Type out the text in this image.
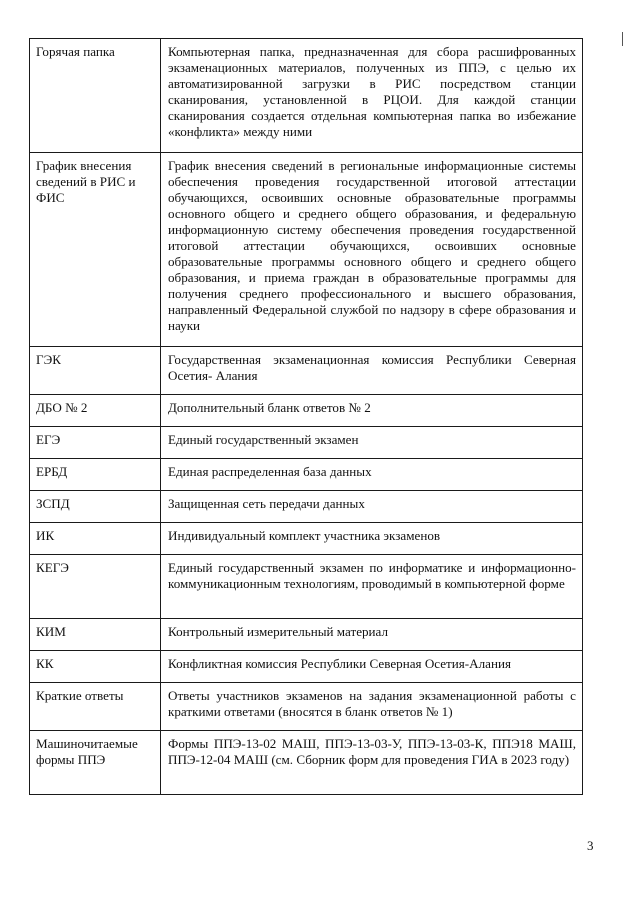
Горячая папка	Компьютерная папка, предназначенная для сбора расшифрованных экзаменационных материалов, полученных из ППЭ, с целью их автоматизированной загрузки в РИС посредством станции сканирования, установленной в РЦОИ. Для каждой станции сканирования создается отдельная компьютерная папка во избежание «конфликта» между ними
График внесения сведений в РИС и ФИС	График внесения сведений в региональные информационные системы обеспечения проведения государственной итоговой аттестации обучающихся, освоивших основные образовательные программы основного общего и среднего общего образования, и федеральную информационную систему обеспечения проведения государственной итоговой аттестации обучающихся, освоивших основные образовательные программы основного общего и среднего общего образования, и приема граждан в образовательные программы для получения среднего профессионального и высшего образования, направленный Федеральной службой по надзору в сфере образования и науки
ГЭК	Государственная экзаменационная комиссия Республики Северная Осетия- Алания
ДБО № 2	Дополнительный бланк ответов № 2
ЕГЭ	Единый государственный экзамен
ЕРБД	Единая распределенная база данных
ЗСПД	Защищенная сеть передачи данных
ИК	Индивидуальный комплект участника экзаменов
КЕГЭ	Единый государственный экзамен по информатике и информационно-коммуникационным технологиям, проводимый в компьютерной форме
КИМ	Контрольный измерительный материал
КК	Конфликтная комиссия Республики Северная Осетия-Алания
Краткие ответы	Ответы участников экзаменов на задания экзаменационной работы с краткими ответами (вносятся в бланк ответов № 1)
Машиночитаемые формы ППЭ	Формы ППЭ-13-02 МАШ, ППЭ-13-03-У, ППЭ-13-03-К, ППЭ18 МАШ, ППЭ-12-04 МАШ (см. Сборник форм для проведения ГИА в 2023 году)
3
